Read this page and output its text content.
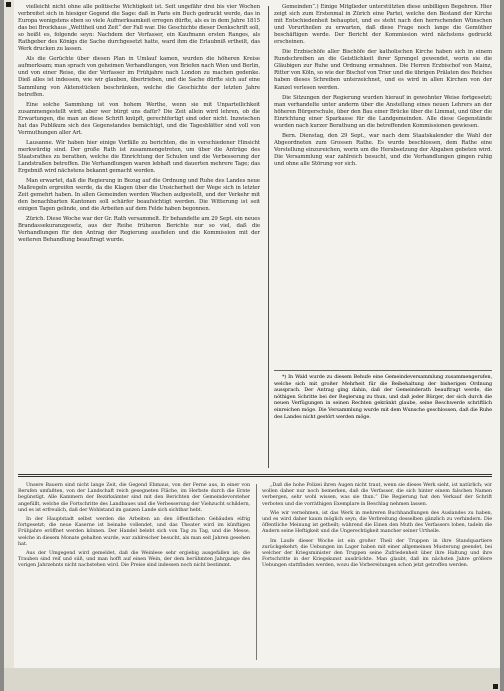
vielleicht nicht ohne alle politische Wichtigkeit ist. Seit ungefähr drei bis vier Wochen verbreitet sich in hiesiger Gegend die Sage: daß in Paris ein Buch gedruckt werde, das in Europa wenigstens eben so viele Aufmerksamkeit erregen dürfte, als es in dem Jahre 1815 das bei Brockhaus „Welttheil und Zeit“ der Fall war. Die Geschichte dieser Denkschrift soll, so heißt es, folgende seyn: Nachdem der Verfasser, ein Kaufmann ersten Ranges, als Rathgeber des Königs die Sache durchgesetzt hatte, ward ihm die Erlaubniß ertheilt, das Werk drucken zu lassen.

Als die Gerüchte über diesen Plan in Umlauf kamen, wurden die höheren Kreise aufmerksam; man sprach von geheimen Verhandlungen, von Briefen nach Wien und Berlin, und von einer Reise, die der Verfasser im Frühjahre nach London zu machen gedenke. Dieß alles ist indessen, wie wir glauben, übertrieben, und die Sache dürfte sich auf eine Sammlung von Aktenstücken beschränken, welche die Geschichte der letzten Jahre betreffen.

Eine solche Sammlung ist von hohem Werthe, wenn sie mit Unparteilichkeit zusammengestellt wird; aber wer bürgt uns dafür? Die Zeit allein wird lehren, ob die Erwartungen, die man an diese Schrift knüpft, gerechtfertigt sind oder nicht. Inzwischen hat das Publikum sich des Gegenstandes bemächtigt, und die Tagesblätter sind voll von Vermuthungen aller Art.

Lausanne. Wir haben hier einige Vorfälle zu berichten, die in verschiedener Hinsicht merkwürdig sind. Der große Rath ist zusammengetreten, um über die Anträge des Staatsrathes zu berathen, welche die Einrichtung der Schulen und die Verbesserung der Landstraßen betreffen. Die Verhandlungen waren lebhaft und dauerten mehrere Tage; das Ergebniß wird nächstens bekannt gemacht werden.

Man erwartet, daß die Regierung in Bezug auf die Ordnung und Ruhe des Landes neue Maßregeln ergreifen werde, da die Klagen über die Unsicherheit der Wege sich in letzter Zeit gemehrt haben. In allen Gemeinden werden Wachen aufgestellt, und der Verkehr mit den benachbarten Kantonen soll schärfer beaufsichtigt werden. Die Witterung ist seit einigen Tagen gelinde, und die Arbeiten auf dem Felde haben begonnen.

Zürich. Diese Woche war der Gr. Rath versammelt. Er behandelte am 29 Sept. ein neues Brandassekuranzgesetz, aus der Reihe früheren Berichte nur so viel, daß die Verhandlungen für den Antrag der Regierung ausfielen und die Kommission mit der weiteren Behandlung beauftragt wurde.

Gemeinden“.) Einige Mitglieder unterstützten diese unbilligen Begehren. Hier zeigt sich zum Erstenmal in Zürich eine Partei, welche den Bestand der Kirche mit Entschiedenheit behauptet, und es steht nach den herrschenden Wünschen und Vorurtheilen zu erwarten, daß diese Frage noch lange die Gemüther beschäftigen werde. Der Bericht der Kommission wird nächstens gedruckt erscheinen.

Die Erzbischöfe aller Bischöfe der katholischen Kirche haben sich in einem Rundschreiben an die Geistlichkeit ihrer Sprengel gewendet, worin sie die Gläubigen zur Ruhe und Ordnung ermahnen. Die Herren Erzbischof von Mainz, Ritter von Köln, so wie der Bischof von Trier und die übrigen Prälaten des Reiches haben dieses Schreiben unterzeichnet, und es wird in allen Kirchen von der Kanzel verlesen werden.

Die Sitzungen der Regierung wurden hierauf in gewohnter Weise fortgesetzt; man verhandelte unter anderm über die Anstellung eines neuen Lehrers an der höheren Bürgerschule, über den Bau einer Brücke über die Limmat, und über die Einrichtung einer Sparkasse für die Landgemeinden. Alle diese Gegenstände wurden nach kurzer Berathung an die betreffenden Kommissionen gewiesen.

Bern. Dienstag, den 29 Sept., war nach dem Staatskalender die Wahl der Abgeordneten zum Grossen Rathe. Es wurde beschlossen, dem Rathe eine Vorstellung einzureichen, worin um die Herabsetzung der Abgaben gebeten wird. Die Versammlung war zahlreich besucht, und die Verhandlungen gingen ruhig und ohne alle Störung vor sich.

*) In Wald wurde zu diesem Behufe eine Gemeindeversammlung zusammengerufen, welche sich mit großer Mehrheit für die Beibehaltung der bisherigen Ordnung aussprach. Der Antrag ging dahin, daß der Gemeinderath beauftragt werde, die nöthigen Schritte bei der Regierung zu thun, und daß jeder Bürger, der sich durch die neuen Verfügungen in seinen Rechten gekränkt glaube, seine Beschwerde schriftlich einreichen möge. Die Versammlung wurde mit dem Wunsche geschlossen, daß die Ruhe des Landes nicht gestört werden möge.

Unsere Bauern sind nicht lange Zeit, die Gegend Ehmaus, von der Ferne aus, in einer von Berufen umfaßten, von der Landschaft reich gesegneten Fläche, im Herbste durch die Ernte begünstigt. Alle Kammern der Bezirksämter sind mit den Berichten der Gemeindevorsteher angefüllt, welche die Fortschritte des Landbaues und die Verbesserung der Viehzucht schildern, und es ist erfreulich, daß der Wohlstand im ganzen Lande sich sichtbar hebt.

In der Hauptstadt selbst werden die Arbeiten an den öffentlichen Gebäuden eifrig fortgesetzt; die neue Kaserne ist beinahe vollendet, und das Theater wird im künftigen Frühjahre eröffnet werden können. Der Handel belebt sich von Tag zu Tag, und die Messe, welche in diesem Monate gehalten wurde, war zahlreicher besucht, als man seit Jahren gesehen hat.

Aus der Umgegend wird gemeldet, daß die Weinlese sehr ergiebig ausgefallen ist; die Trauben sind reif und süß, und man hofft auf einen Wein, der dem berühmten Jahrgange des vorigen Jahrzehnts nicht nachstehen wird. Die Preise sind indessen noch nicht bestimmt.

„Daß die hohe Polizei ihren Augen nicht traut, wenn sie dieses Werk sieht, ist natürlich; wir wollen daher nur noch bemerken, daß die Verfasser, die sich hinter einem falschen Namen verbergen, sehr wohl wissen, was sie thun.“ Die Regierung hat den Verkauf der Schrift verboten und die vorräthigen Exemplare in Beschlag nehmen lassen.

Wie wir vernehmen, ist das Werk in mehreren Buchhandlungen des Auslandes zu haben, und es wird daher kaum möglich seyn, die Verbreitung desselben gänzlich zu verhindern. Die öffentliche Meinung ist getheilt; während die Einen den Muth des Verfassers loben, tadeln die Andern seine Heftigkeit und die Ungerechtigkeit mancher seiner Urtheile.

Im Laufe dieser Woche ist ein großer Theil der Truppen in ihre Standquartiere zurückgekehrt; die Uebungen im Lager haben mit einer allgemeinen Musterung geendet, bei welcher der Kriegsminister den Truppen seine Zufriedenheit über ihre Haltung und ihre Fortschritte in der Kriegskunst ausdrückte. Man glaubt, daß im nächsten Jahre größere Uebungen stattfinden werden, wozu die Vorbereitungen schon jetzt getroffen werden.
